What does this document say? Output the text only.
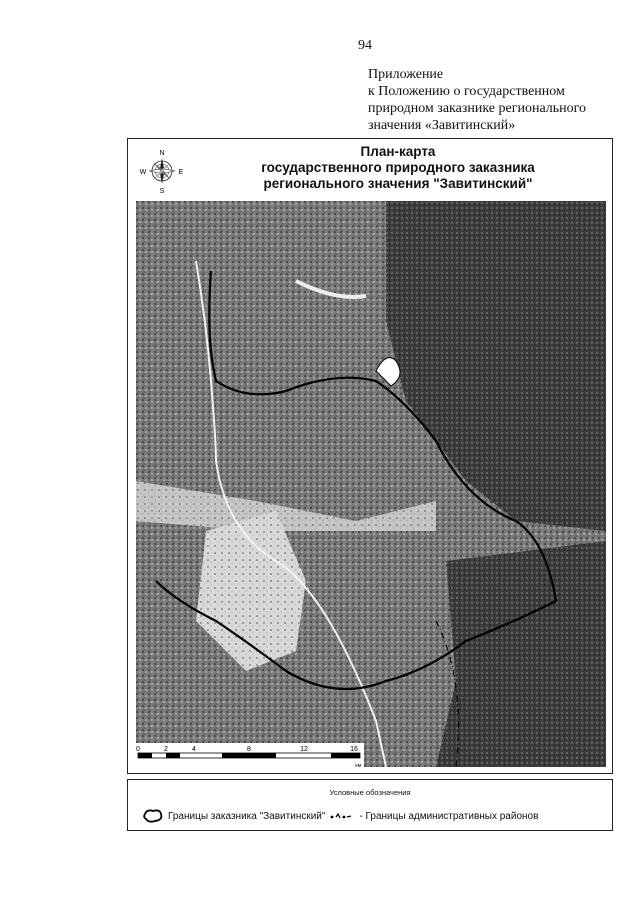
94
Приложение
к Положению о государственном
природном заказнике регионального
значения «Завитинский»
N
S
E
W
План-карта
государственного природного заказника
регионального значения "Завитинский"
0	2	4	8	12	16
км
Условные обозначения
Границы заказника "Завитинский"	- Границы административных районов
